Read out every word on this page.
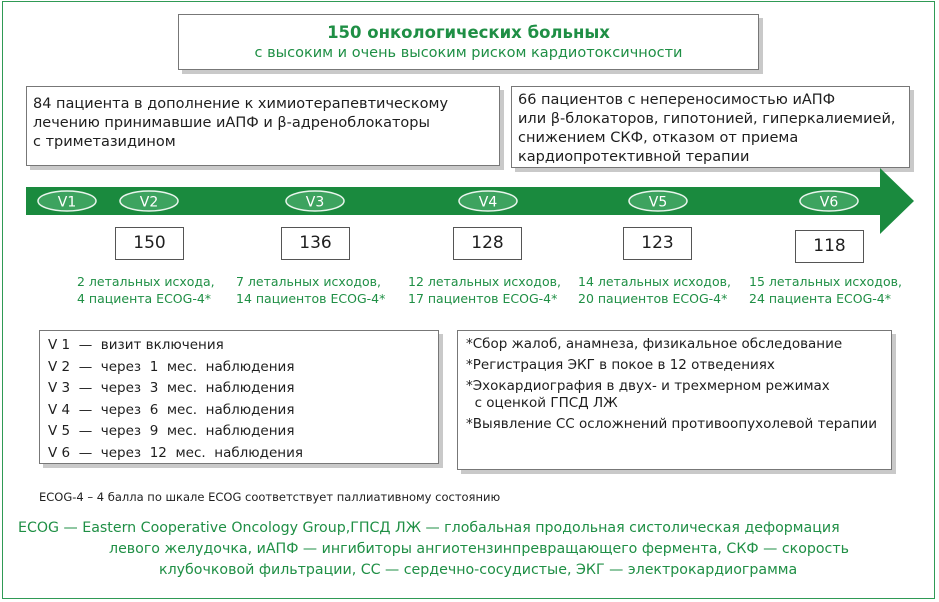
150 онкологических больных
с высоким и очень высоким риском кардиотоксичности
84 пациента в дополнение к химиотерапевтическому
лечению принимавшие иАПФ и β-адреноблокаторы
с триметазидином
66 пациентов с непереносимостью иАПФ
или β-блокаторов, гипотонией, гиперкалиемией,
снижением СКФ, отказом от приема
кардиопротективной терапии
V1	V2	V3	V4	V5	V6
150	136	128	123	118
2 летальных исхода,
4 пациента ECOG-4*
7 летальных исходов,
14 пациентов ECOG-4*
12 летальных исходов,
17 пациентов ECOG-4*
14 летальных исходов,
20 пациентов ECOG-4*
15 летальных исходов,
24 пациента ECOG-4*
V 1  —  визит включения
V 2  —  через  1  мес.  наблюдения
V 3  —  через  3  мес.  наблюдения
V 4  —  через  6  мес.  наблюдения
V 5  —  через  9  мес.  наблюдения
V 6  —  через  12  мес.  наблюдения
*Сбор жалоб, анамнеза, физикальное обследование
*Регистрация ЭКГ в покое в 12 отведениях
*Эхокардиография в двух- и трехмерном режимах
с оценкой ГПСД ЛЖ
*Выявление СС осложнений противоопухолевой терапии
ECOG-4 – 4 балла по шкале ECOG соответствует паллиативному состоянию
ECOG — Eastern Cooperative Oncology Group,ГПСД ЛЖ — глобальная продольная систолическая деформация
левого желудочка, иАПФ — ингибиторы ангиотензинпревращающего фермента, СКФ — скорость
клубочковой фильтрации, СС — сердечно-сосудистые, ЭКГ — электрокардиограмма
